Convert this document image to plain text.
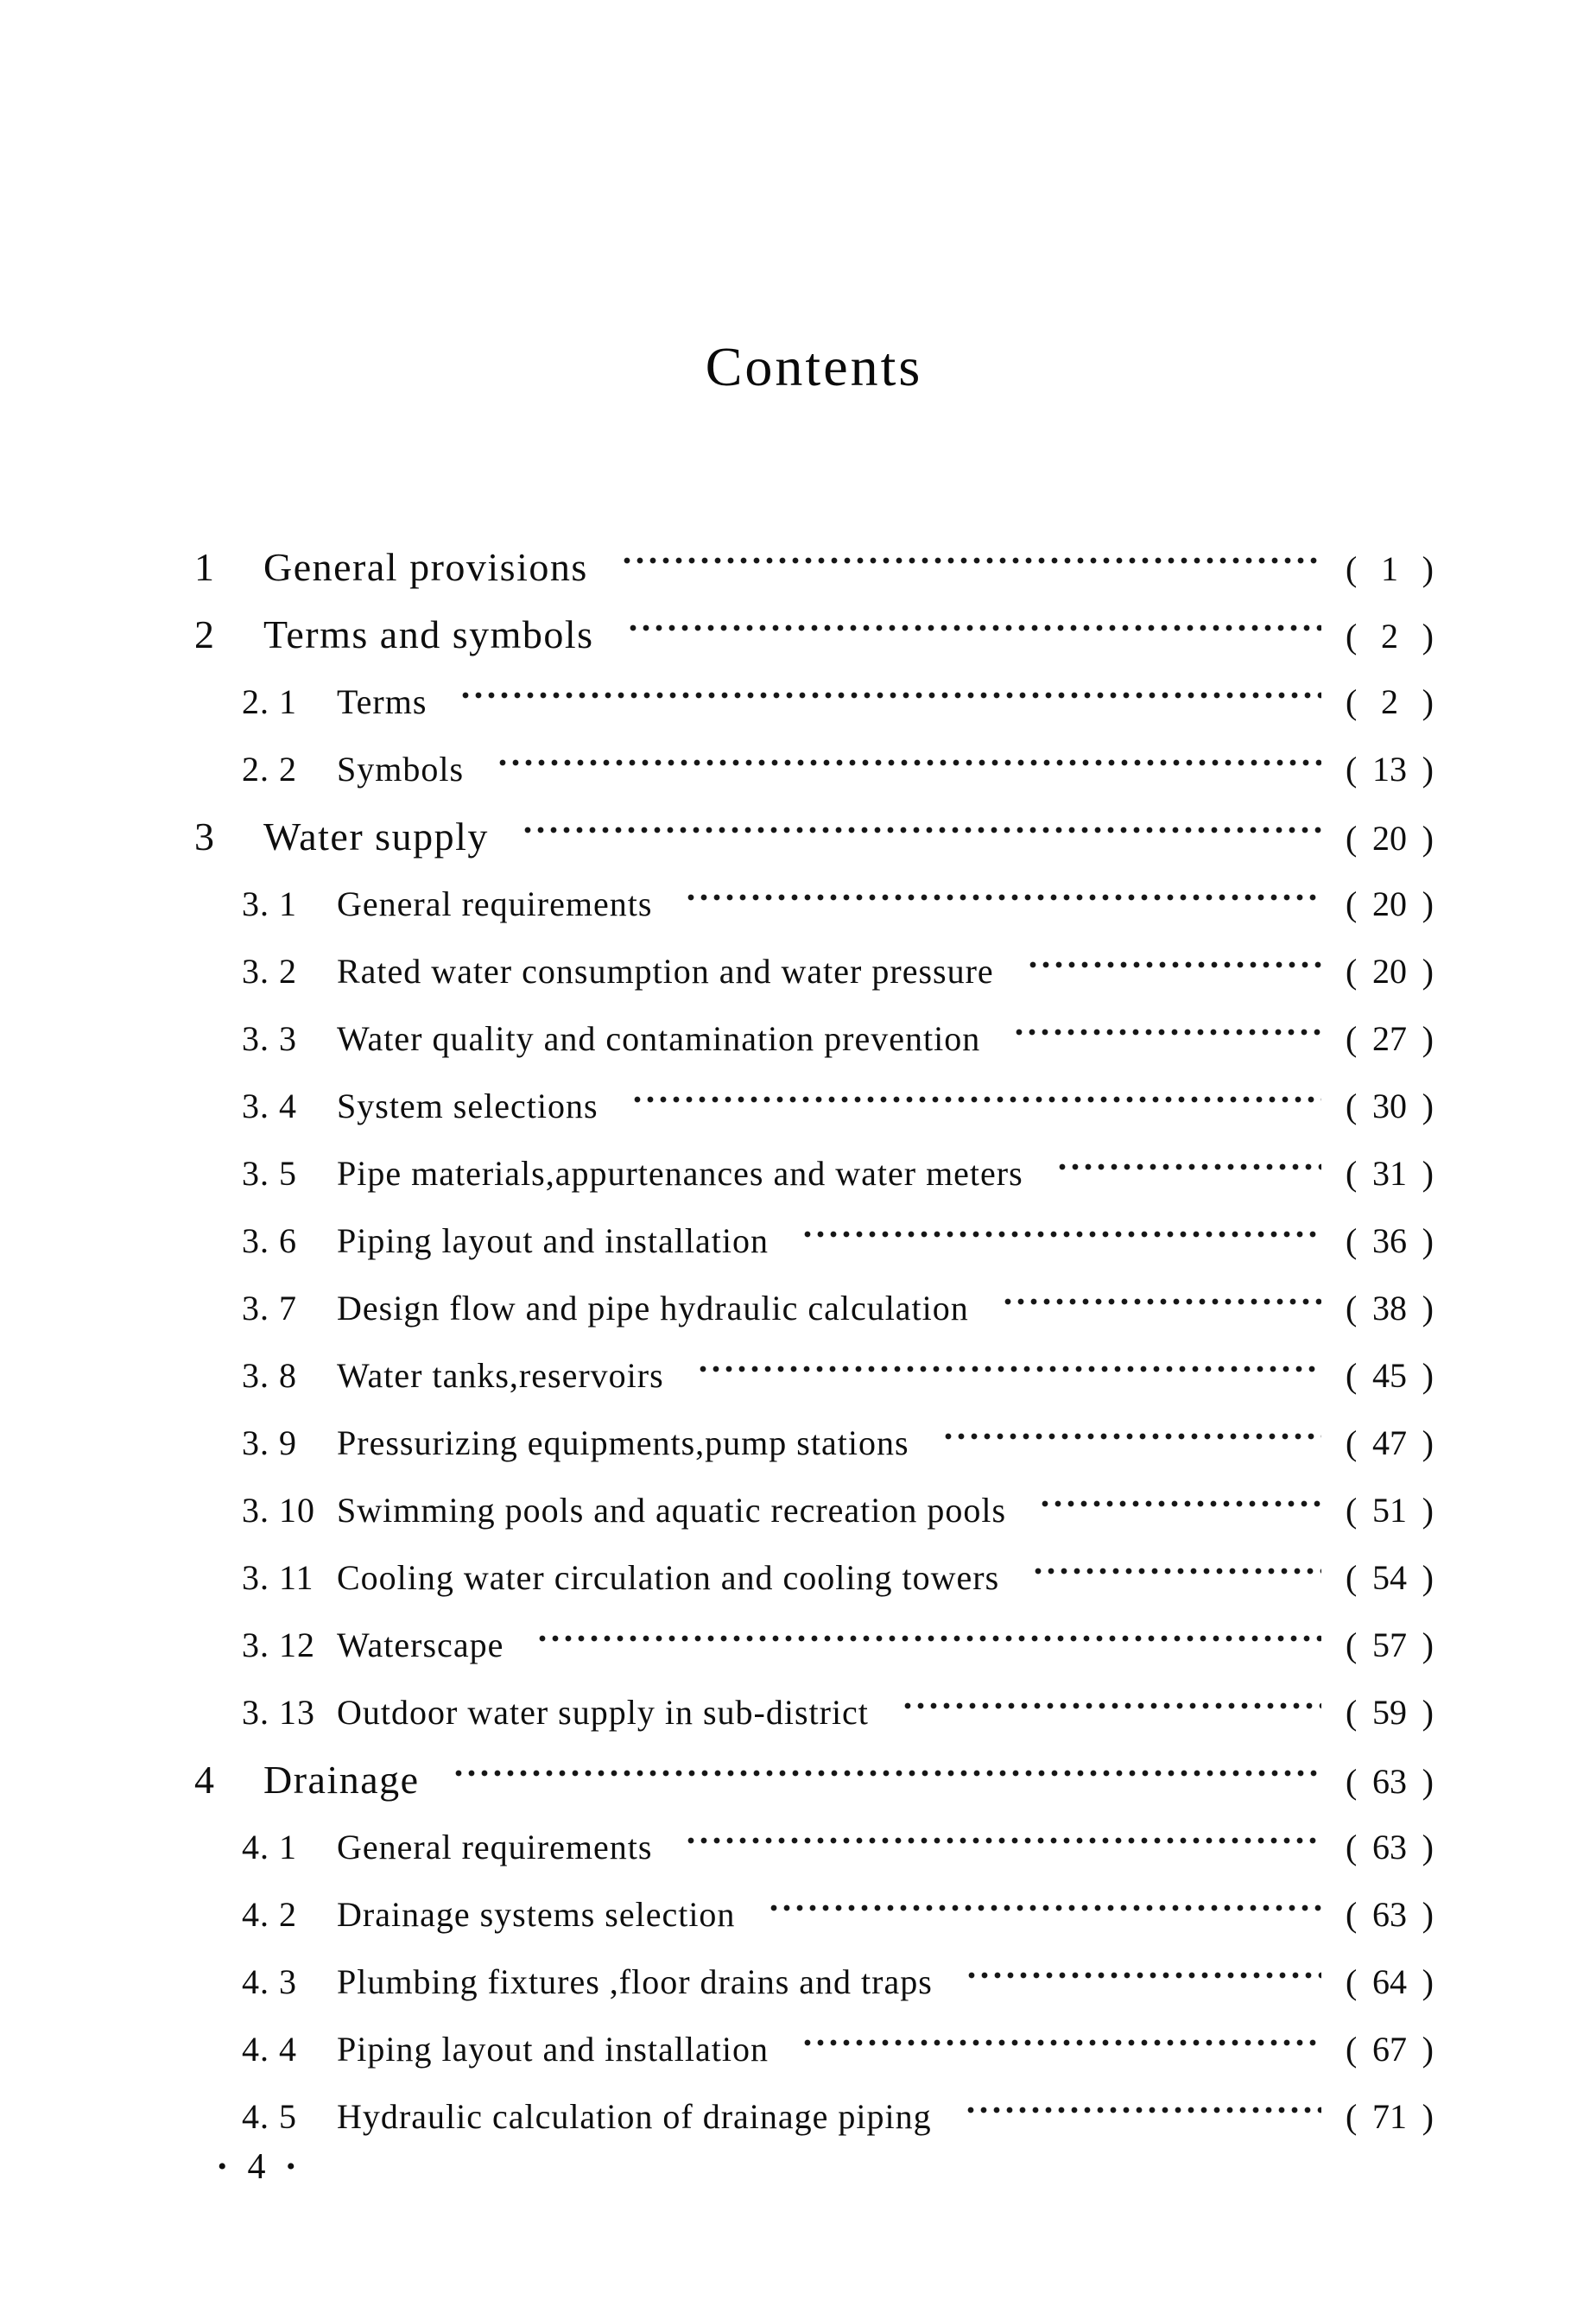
Contents
1	General provisions	( 1 )
2	Terms and symbols	( 2 )
2. 1	Terms	( 2 )
2. 2	Symbols	( 13 )
3	Water supply	( 20 )
3. 1	General requirements	( 20 )
3. 2	Rated water consumption and water pressure	( 20 )
3. 3	Water quality and contamination prevention	( 27 )
3. 4	System selections	( 30 )
3. 5	Pipe materials,appurtenances and water meters	( 31 )
3. 6	Piping layout and installation	( 36 )
3. 7	Design flow and pipe hydraulic calculation	( 38 )
3. 8	Water tanks,reservoirs	( 45 )
3. 9	Pressurizing equipments,pump stations	( 47 )
3. 10 Swimming pools and aquatic recreation pools	( 51 )
3. 11 Cooling water circulation and cooling towers	( 54 )
3. 12 Waterscape	( 57 )
3. 13 Outdoor water supply in sub-district	( 59 )
4	Drainage	( 63 )
4. 1	General requirements	( 63 )
4. 2	Drainage systems selection	( 63 )
4. 3	Plumbing fixtures ,floor drains and traps	( 64 )
4. 4	Piping layout and installation	( 67 )
4. 5	Hydraulic calculation of drainage piping	( 71 )
• 4 •
